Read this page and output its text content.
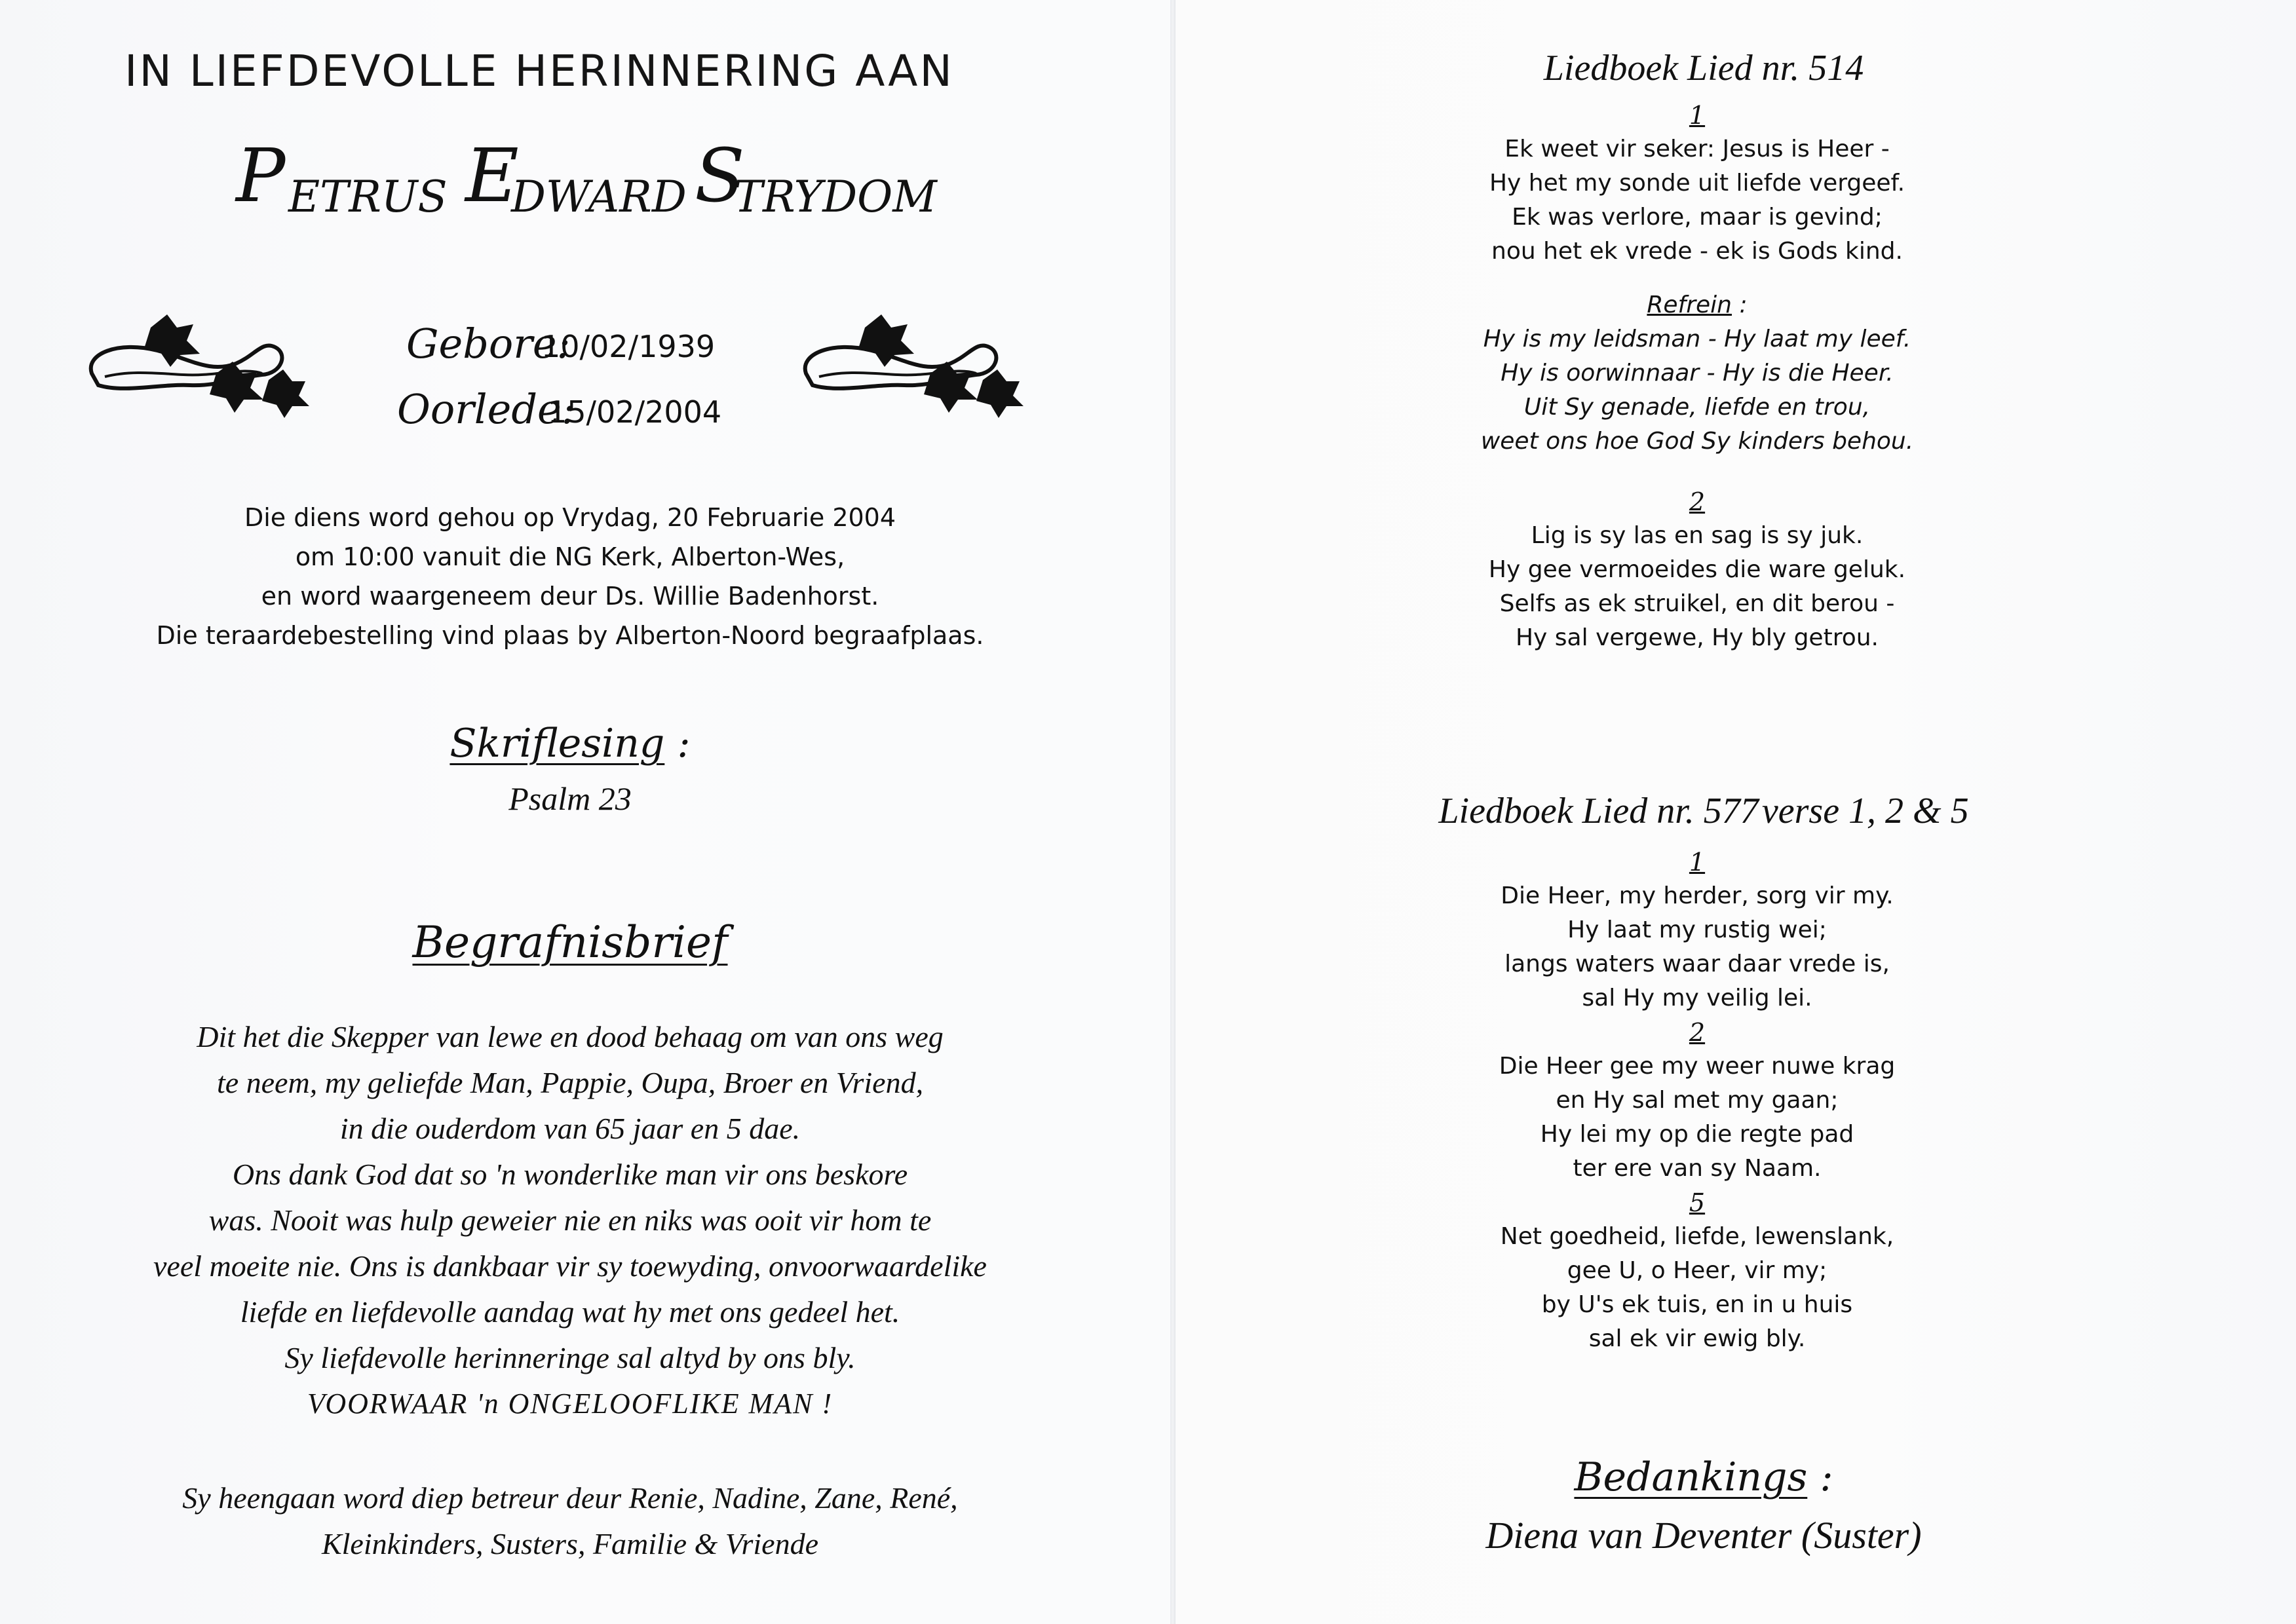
IN LIEFDEVOLLE HERINNERING AAN
P ETRUS E
DWARD S
TRYDOM
Gebore:
10/02/1939
Oorlede:
15/02/2004
Die diens word gehou op Vrydag, 20 Februarie 2004
om 10:00 vanuit die NG Kerk, Alberton-Wes,
en word waargeneem deur Ds. Willie Badenhorst.
Die teraardebestelling vind plaas by Alberton-Noord begraafplaas.
Skriflesing :
Psalm 23
Begrafnisbrief
Dit het die Skepper van lewe en dood behaag om van ons weg
te neem, my geliefde Man, Pappie, Oupa, Broer en Vriend,
in die ouderdom van 65 jaar en 5 dae.
Ons dank God dat so 'n wonderlike man vir ons beskore
was. Nooit was hulp geweier nie en niks was ooit vir hom te
veel moeite nie. Ons is dankbaar vir sy toewyding, onvoorwaardelike
liefde en liefdevolle aandag wat hy met ons gedeel het.
Sy liefdevolle herinneringe sal altyd by ons bly.
VOORWAAR 'n ONGELOOFLIKE MAN !
Sy heengaan word diep betreur deur Renie, Nadine, Zane, René,
Kleinkinders, Susters, Familie & Vriende
Liedboek Lied nr. 514
1
Ek weet vir seker: Jesus is Heer -
Hy het my sonde uit liefde vergeef.
Ek was verlore, maar is gevind;
nou het ek vrede - ek is Gods kind.
Refrein :
Hy is my leidsman - Hy laat my leef.
Hy is oorwinnaar - Hy is die Heer.
Uit Sy genade, liefde en trou,
weet ons hoe God Sy kinders behou.
2
Lig is sy las en sag is sy juk.
Hy gee vermoeides die ware geluk.
Selfs as ek struikel, en dit berou -
Hy sal vergewe, Hy bly getrou.
Liedboek Lied nr. 577 verse 1, 2 & 5
1
Die Heer, my herder, sorg vir my.
Hy laat my rustig wei;
langs waters waar daar vrede is,
sal Hy my veilig lei.
2
Die Heer gee my weer nuwe krag
en Hy sal met my gaan;
Hy lei my op die regte pad
ter ere van sy Naam.
5
Net goedheid, liefde, lewenslank,
gee U, o Heer, vir my;
by U's ek tuis, en in u huis
sal ek vir ewig bly.
Bedankings :
Diena van Deventer (Suster)
